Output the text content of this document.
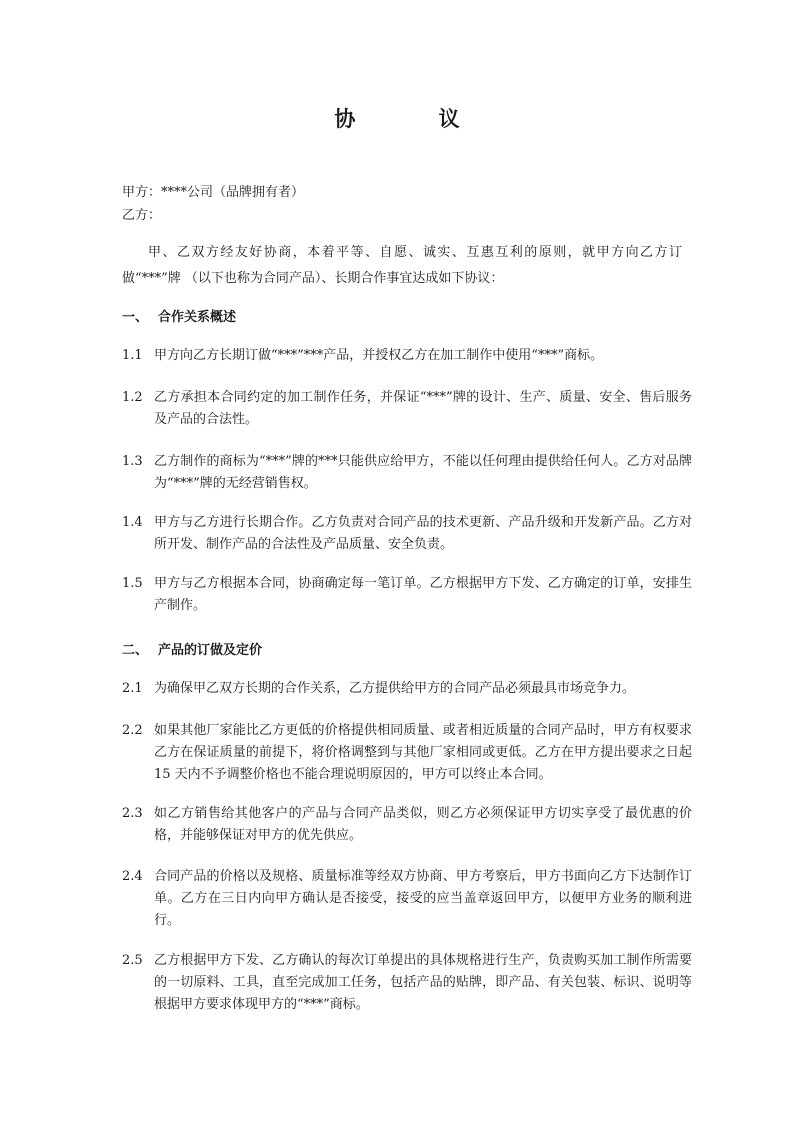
协 议
甲方：****公司（品牌拥有者）
乙方：
甲、乙双方经友好协商，本着平等、自愿、诚实、互惠互利的原则，就甲方向乙方订做“***”牌 （以下也称为合同产品）、长期合作事宜达成如下协议：
一、 合作关系概述
1.1 甲方向乙方长期订做“***”***产品，并授权乙方在加工制作中使用“***”商标。
1.2 乙方承担本合同约定的加工制作任务，并保证“***”牌的设计、生产、质量、安全、售后服务及产品的合法性。
1.3 乙方制作的商标为“***”牌的***只能供应给甲方，不能以任何理由提供给任何人。乙方对品牌为“***”牌的无经营销售权。
1.4 甲方与乙方进行长期合作。乙方负责对合同产品的技术更新、产品升级和开发新产品。乙方对所开发、制作产品的合法性及产品质量、安全负责。
1.5 甲方与乙方根据本合同，协商确定每一笔订单。乙方根据甲方下发、乙方确定的订单，安排生产制作。
二、 产品的订做及定价
2.1 为确保甲乙双方长期的合作关系，乙方提供给甲方的合同产品必须最具市场竞争力。
2.2 如果其他厂家能比乙方更低的价格提供相同质量、或者相近质量的合同产品时，甲方有权要求乙方在保证质量的前提下，将价格调整到与其他厂家相同或更低。乙方在甲方提出要求之日起 15 天内不予调整价格也不能合理说明原因的，甲方可以终止本合同。
2.3 如乙方销售给其他客户的产品与合同产品类似，则乙方必须保证甲方切实享受了最优惠的价格，并能够保证对甲方的优先供应。
2.4 合同产品的价格以及规格、质量标准等经双方协商、甲方考察后，甲方书面向乙方下达制作订单。乙方在三日内向甲方确认是否接受，接受的应当盖章返回甲方，以便甲方业务的顺利进行。
2.5 乙方根据甲方下发、乙方确认的每次订单提出的具体规格进行生产，负责购买加工制作所需要的一切原料、工具，直至完成加工任务，包括产品的贴牌，即产品、有关包装、标识、说明等根据甲方要求体现甲方的“***”商标。
